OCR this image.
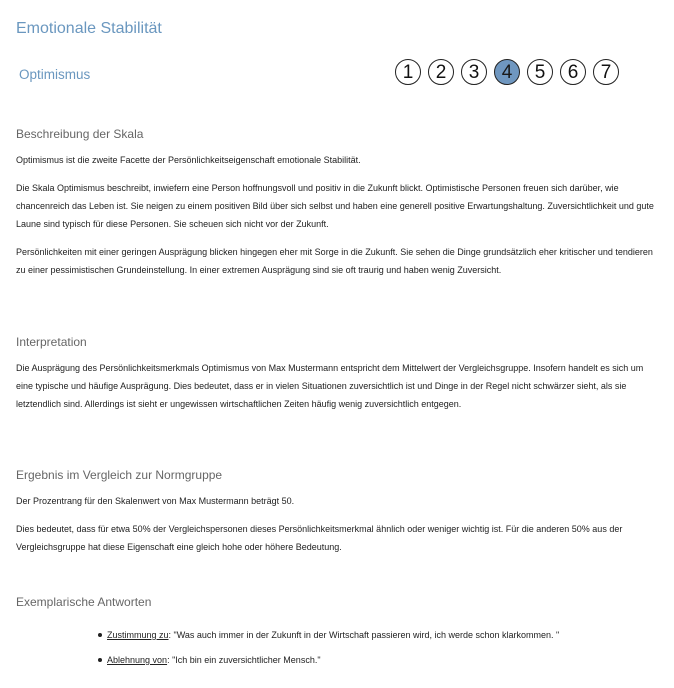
Emotionale Stabilität
Optimismus	1	2	3	4	5	6	7
Beschreibung der Skala

Optimismus ist die zweite Facette der Persönlichkeitseigenschaft emotionale Stabilität.

Die Skala Optimismus beschreibt, inwiefern eine Person hoffnungsvoll und positiv in die Zukunft blickt. Optimistische Personen freuen sich darüber, wie chancenreich das Leben ist. Sie neigen zu einem positiven Bild über sich selbst und haben eine generell positive Erwartungshaltung. Zuversichtlichkeit und gute Laune sind typisch für diese Personen. Sie scheuen sich nicht vor der Zukunft.

Persönlichkeiten mit einer geringen Ausprägung blicken hingegen eher mit Sorge in die Zukunft. Sie sehen die Dinge grundsätzlich eher kritischer und tendieren zu einer pessimistischen Grundeinstellung. In einer extremen Ausprägung sind sie oft traurig und haben wenig Zuversicht.

Interpretation

Die Ausprägung des Persönlichkeitsmerkmals Optimismus von Max Mustermann entspricht dem Mittelwert der Vergleichsgruppe. Insofern handelt es sich um eine typische und häufige Ausprägung. Dies bedeutet, dass er in vielen Situationen zuversichtlich ist und Dinge in der Regel nicht schwärzer sieht, als sie letztendlich sind. Allerdings ist sieht er ungewissen wirtschaftlichen Zeiten häufig wenig zuversichtlich entgegen.

Ergebnis im Vergleich zur Normgruppe

Der Prozentrang für den Skalenwert von Max Mustermann beträgt 50.

Dies bedeutet, dass für etwa 50% der Vergleichspersonen dieses Persönlichkeitsmerkmal ähnlich oder weniger wichtig ist. Für die anderen 50% aus der Vergleichsgruppe hat diese Eigenschaft eine gleich hohe oder höhere Bedeutung.

Exemplarische Antworten
Zustimmung zu: "Was auch immer in der Zukunft in der Wirtschaft passieren wird, ich werde schon klarkommen. "
Ablehnung von: "Ich bin ein zuversichtlicher Mensch."
